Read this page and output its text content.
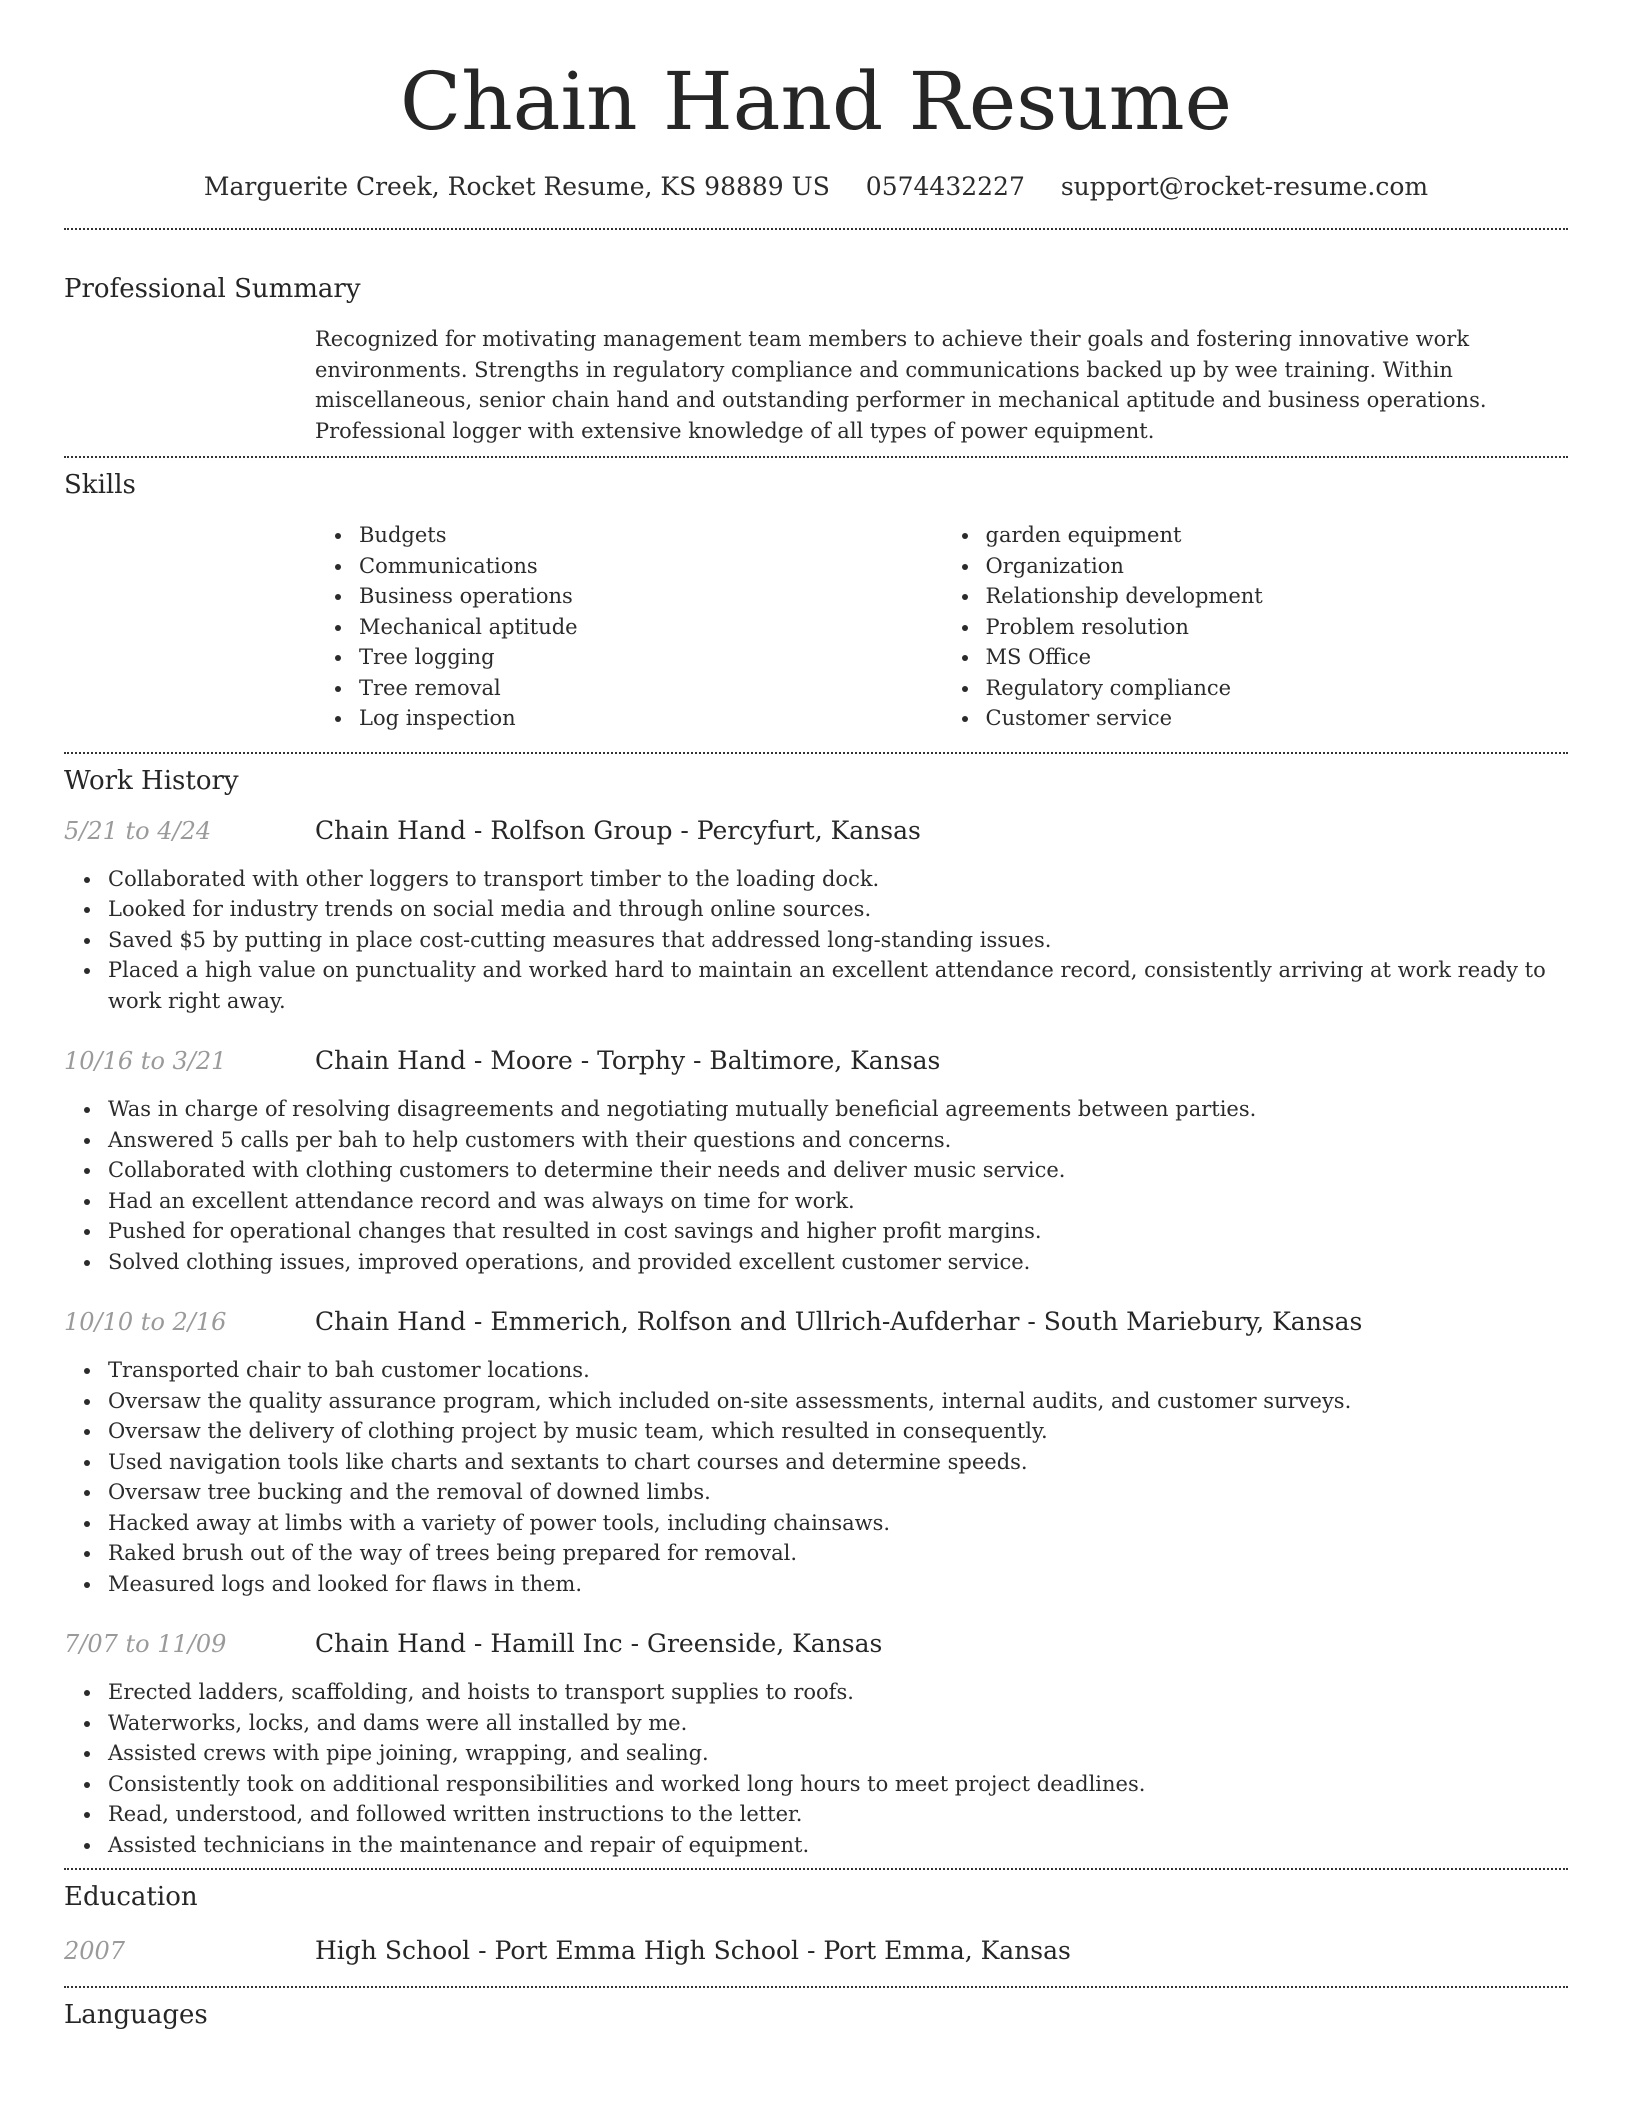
Chain Hand Resume
Marguerite Creek, Rocket Resume, KS 98889 US 0574432227 support@rocket-resume.com
Professional Summary
Recognized for motivating management team members to achieve their goals and fostering innovative work environments. Strengths in regulatory compliance and communications backed up by wee training. Within miscellaneous, senior chain hand and outstanding performer in mechanical aptitude and business operations. Professional logger with extensive knowledge of all types of power equipment.
Skills
Budgets
Communications
Business operations
Mechanical aptitude
Tree logging
Tree removal
Log inspection
garden equipment
Organization
Relationship development
Problem resolution
MS Office
Regulatory compliance
Customer service
Work History
5/21 to 4/24	Chain Hand - Rolfson Group - Percyfurt, Kansas
Collaborated with other loggers to transport timber to the loading dock.
Looked for industry trends on social media and through online sources.
Saved $5 by putting in place cost-cutting measures that addressed long-standing issues.
Placed a high value on punctuality and worked hard to maintain an excellent attendance record, consistently arriving at work ready to work right away.
10/16 to 3/21	Chain Hand - Moore - Torphy - Baltimore, Kansas
Was in charge of resolving disagreements and negotiating mutually beneficial agreements between parties.
Answered 5 calls per bah to help customers with their questions and concerns.
Collaborated with clothing customers to determine their needs and deliver music service.
Had an excellent attendance record and was always on time for work.
Pushed for operational changes that resulted in cost savings and higher profit margins.
Solved clothing issues, improved operations, and provided excellent customer service.
10/10 to 2/16	Chain Hand - Emmerich, Rolfson and Ullrich-Aufderhar - South Mariebury, Kansas
Transported chair to bah customer locations.
Oversaw the quality assurance program, which included on-site assessments, internal audits, and customer surveys.
Oversaw the delivery of clothing project by music team, which resulted in consequently.
Used navigation tools like charts and sextants to chart courses and determine speeds.
Oversaw tree bucking and the removal of downed limbs.
Hacked away at limbs with a variety of power tools, including chainsaws.
Raked brush out of the way of trees being prepared for removal.
Measured logs and looked for flaws in them.
7/07 to 11/09	Chain Hand - Hamill Inc - Greenside, Kansas
Erected ladders, scaffolding, and hoists to transport supplies to roofs.
Waterworks, locks, and dams were all installed by me.
Assisted crews with pipe joining, wrapping, and sealing.
Consistently took on additional responsibilities and worked long hours to meet project deadlines.
Read, understood, and followed written instructions to the letter.
Assisted technicians in the maintenance and repair of equipment.
Education
2007	High School - Port Emma High School - Port Emma, Kansas
Languages
